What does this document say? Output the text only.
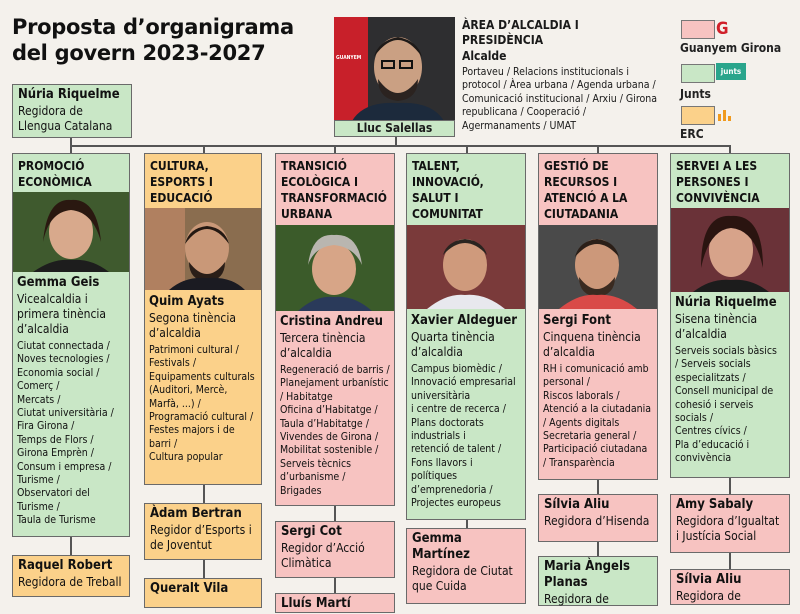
Proposta d’organigrama
del govern 2023-2027
Núria Riquelme
Regidora de Llengua Catalana
GUANYEM
Lluc Salellas
ÀREA D’ALCALDIA I PRESIDÈNCIA
Alcalde
Portaveu / Relacions institucionals i protocol / Àrea urbana / Agenda urbana / Comunicació institucional / Arxiu / Girona republicana / Cooperació / Agermanaments / UMAT
G
Guanyem Girona
junts
Junts
ERC
PROMOCIÓ ECONÒMICA
Gemma Geis
Vicealcaldia i primera tinència d’alcaldia
Ciutat connectada /
Noves tecnologies /
Economia social /
Comerç /
Mercats /
Ciutat universitària /
Fira Girona /
Temps de Flors /
Girona Emprèn /
Consum i empresa /
Turisme /
Observatori del Turisme /
Taula de Turisme
CULTURA, ESPORTS I EDUCACIÓ
Quim Ayats
Segona tinència d’alcaldia
Patrimoni cultural /
Festivals /
Equipaments culturals (Auditori, Mercè, Marfà, ...) /
Programació cultural /
Festes majors i de barri /
Cultura popular
TRANSICIÓ ECOLÒGICA I TRANSFORMACIÓ URBANA
Cristina Andreu
Tercera tinència d’alcaldia
Regeneració de barris /
Planejament urbanístic / Habitatge
Oficina d’Habitatge /
Taula d’Habitatge /
Vivendes de Girona /
Mobilitat sostenible /
Serveis tècnics d’urbanisme /
Brigades
TALENT, INNOVACIÓ, SALUT I COMUNITAT
Xavier Aldeguer
Quarta tinència d’alcaldia
Campus biomèdic /
Innovació empresarial universitària
i centre de recerca /
Plans doctorats industrials i
retenció de talent /
Fons llavors i polítiques d’emprenedoria /
Projectes europeus
GESTIÓ DE RECURSOS I ATENCIÓ A LA CIUTADANIA
Sergi Font
Cinquena tinència d’alcaldia
RH i comunicació amb personal /
Riscos laborals /
Atenció a la ciutadania
/ Agents digitals
Secretaria general /
Participació ciutadana
/ Transparència
SERVEI A LES PERSONES I CONVIVÈNCIA
Núria Riquelme
Sisena tinència d’alcaldia
Serveis socials bàsics
/ Serveis socials especialitzats /
Consell municipal de cohesió i serveis socials /
Centres cívics /
Pla d’educació i convivència
Raquel Robert
Regidora de Treball
Àdam Bertran
Regidor d’Esports i de Joventut
Queralt Vila
Sergi Cot
Regidor d’Acció Climàtica
Lluís Martí
Gemma Martínez
Regidora de Ciutat que Cuida
Sílvia Aliu
Regidora d’Hisenda
Maria Àngels Planas
Regidora de
Amy Sabaly
Regidora d’Igualtat i Justícia Social
Sílvia Aliu
Regidora de
